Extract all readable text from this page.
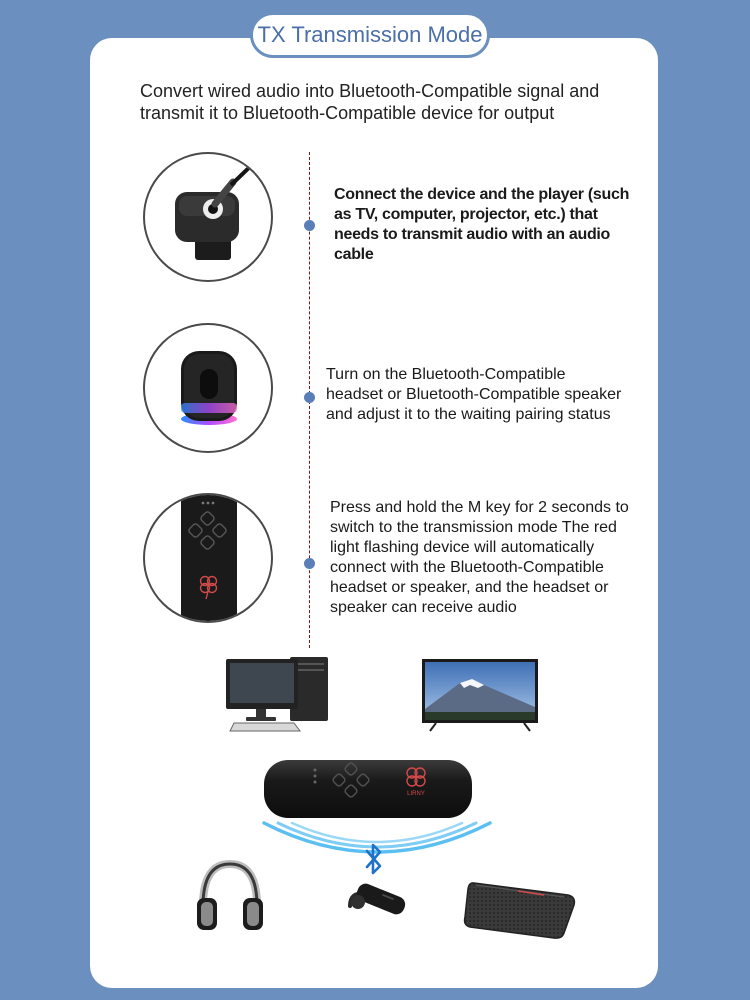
TX Transmission Mode
Convert wired audio into Bluetooth-Compatible signal and transmit it to Bluetooth-Compatible device for output
Connect the device and the player (such as TV, computer, projector, etc.) that needs to transmit audio with an audio cable
Turn on the Bluetooth-Compatible headset or Bluetooth-Compatible speaker and adjust it to the waiting pairing status
Press and hold the M key for 2 seconds to switch to the transmission mode The red light flashing device will automatically connect with the Bluetooth-Compatible headset or speaker, and the headset or speaker can receive audio
LIRNY
